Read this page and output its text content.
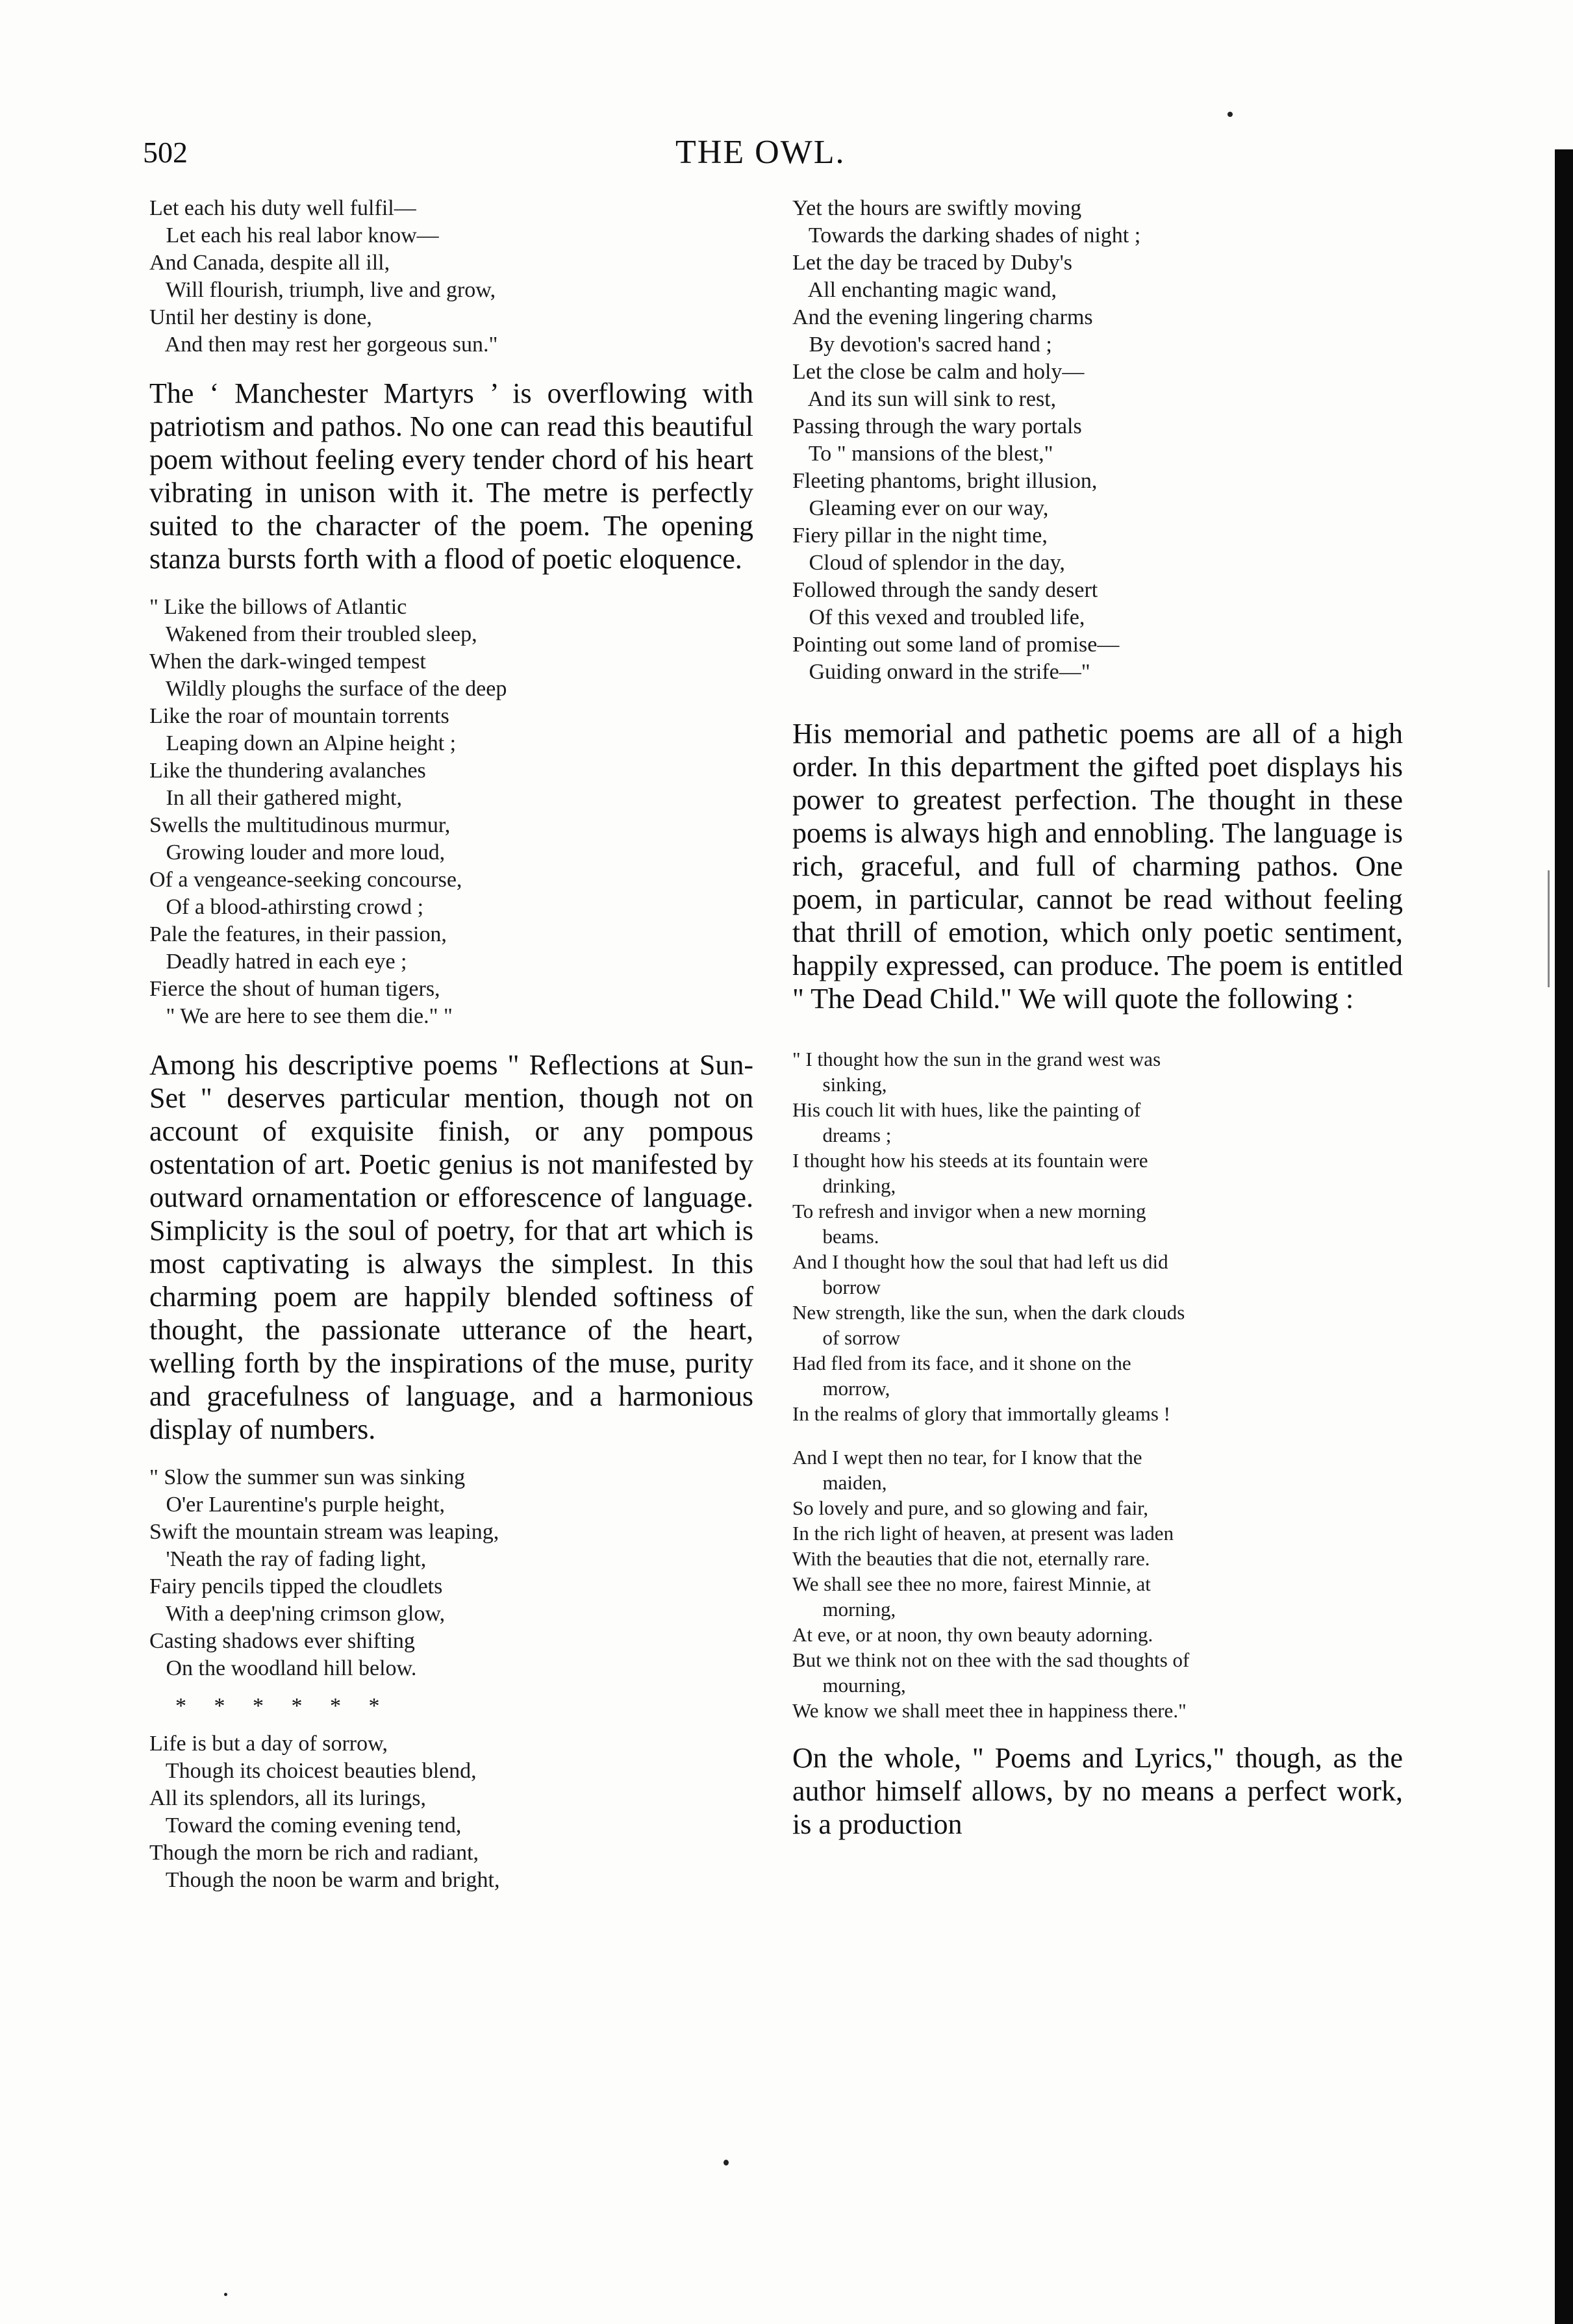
502	THE OWL.
Let each his duty well fulfil—
Let each his real labor know—
And Canada, despite all ill,
Will flourish, triumph, live and grow,
Until her destiny is done,
And then may rest her gorgeous sun."
The ‘ Manchester Martyrs ’ is overflowing with patriotism and pathos. No one can read this beautiful poem without feeling every tender chord of his heart vibrating in unison with it. The metre is perfectly suited to the character of the poem. The opening stanza bursts forth with a flood of poetic eloquence.
" Like the billows of Atlantic
Wakened from their troubled sleep,
When the dark-winged tempest
Wildly ploughs the surface of the deep
Like the roar of mountain torrents
Leaping down an Alpine height ;
Like the thundering avalanches
In all their gathered might,
Swells the multitudinous murmur,
Growing louder and more loud,
Of a vengeance-seeking concourse,
Of a blood-athirsting crowd ;
Pale the features, in their passion,
Deadly hatred in each eye ;
Fierce the shout of human tigers,
" We are here to see them die." "
Among his descriptive poems " Reflections at Sun-Set " deserves particular mention, though not on account of exquisite finish, or any pompous ostentation of art. Poetic genius is not manifested by outward ornamentation or efforescence of language. Simplicity is the soul of poetry, for that art which is most captivating is always the simplest. In this charming poem are happily blended softiness of thought, the passionate utterance of the heart, welling forth by the inspirations of the muse, purity and gracefulness of language, and a harmonious display of numbers.
" Slow the summer sun was sinking
O'er Laurentine's purple height,
Swift the mountain stream was leaping,
'Neath the ray of fading light,
Fairy pencils tipped the cloudlets
With a deep'ning crimson glow,
Casting shadows ever shifting
On the woodland hill below.
*     *     *     *     *     *
Life is but a day of sorrow,
Though its choicest beauties blend,
All its splendors, all its lurings,
Toward the coming evening tend,
Though the morn be rich and radiant,
Though the noon be warm and bright,
Yet the hours are swiftly moving
Towards the darking shades of night ;
Let the day be traced by Duby's
All enchanting magic wand,
And the evening lingering charms
By devotion's sacred hand ;
Let the close be calm and holy—
And its sun will sink to rest,
Passing through the wary portals
To " mansions of the blest,"
Fleeting phantoms, bright illusion,
Gleaming ever on our way,
Fiery pillar in the night time,
Cloud of splendor in the day,
Followed through the sandy desert
Of this vexed and troubled life,
Pointing out some land of promise—
Guiding onward in the strife—"
His memorial and pathetic poems are all of a high order. In this department the gifted poet displays his power to greatest perfection. The thought in these poems is always high and ennobling. The language is rich, graceful, and full of charming pathos. One poem, in particular, cannot be read without feeling that thrill of emotion, which only poetic sentiment, happily expressed, can produce. The poem is entitled " The Dead Child." We will quote the following :
" I thought how the sun in the grand west was
sinking,
His couch lit with hues, like the painting of
dreams ;
I thought how his steeds at its fountain were
drinking,
To refresh and invigor when a new morning
beams.
And I thought how the soul that had left us did
borrow
New strength, like the sun, when the dark clouds
of sorrow
Had fled from its face, and it shone on the
morrow,
In the realms of glory that immortally gleams !
And I wept then no tear, for I know that the
maiden,
So lovely and pure, and so glowing and fair,
In the rich light of heaven, at present was laden
With the beauties that die not, eternally rare.
We shall see thee no more, fairest Minnie, at
morning,
At eve, or at noon, thy own beauty adorning.
But we think not on thee with the sad thoughts of
mourning,
We know we shall meet thee in happiness there."
On the whole, " Poems and Lyrics," though, as the author himself allows, by no means a perfect work, is a production
